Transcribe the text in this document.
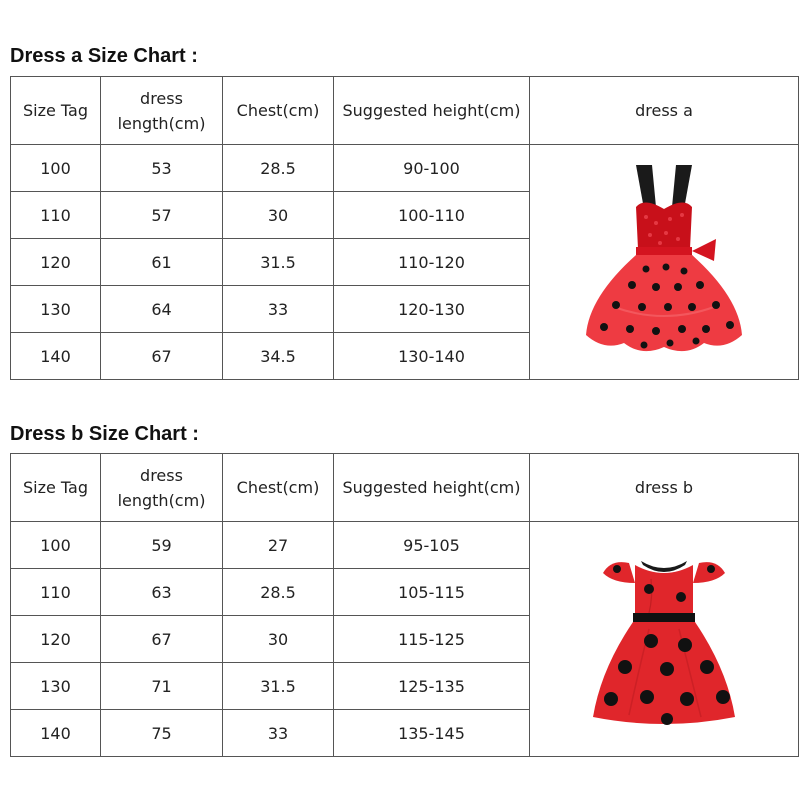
Dress a Size Chart :
Size Tag	dress length(cm)	Chest(cm)	Suggested height(cm)	dress a
100	53	28.5	90-100	

110	57	30	100-110	
120	61	31.5	110-120	
130	64	33	120-130	
140	67	34.5	130-140	
Dress b Size Chart :
Size Tag	dress length(cm)	Chest(cm)	Suggested height(cm)	dress b
100	59	27	95-105	

110	63	28.5	105-115	
120	67	30	115-125	
130	71	31.5	125-135	
140	75	33	135-145	
